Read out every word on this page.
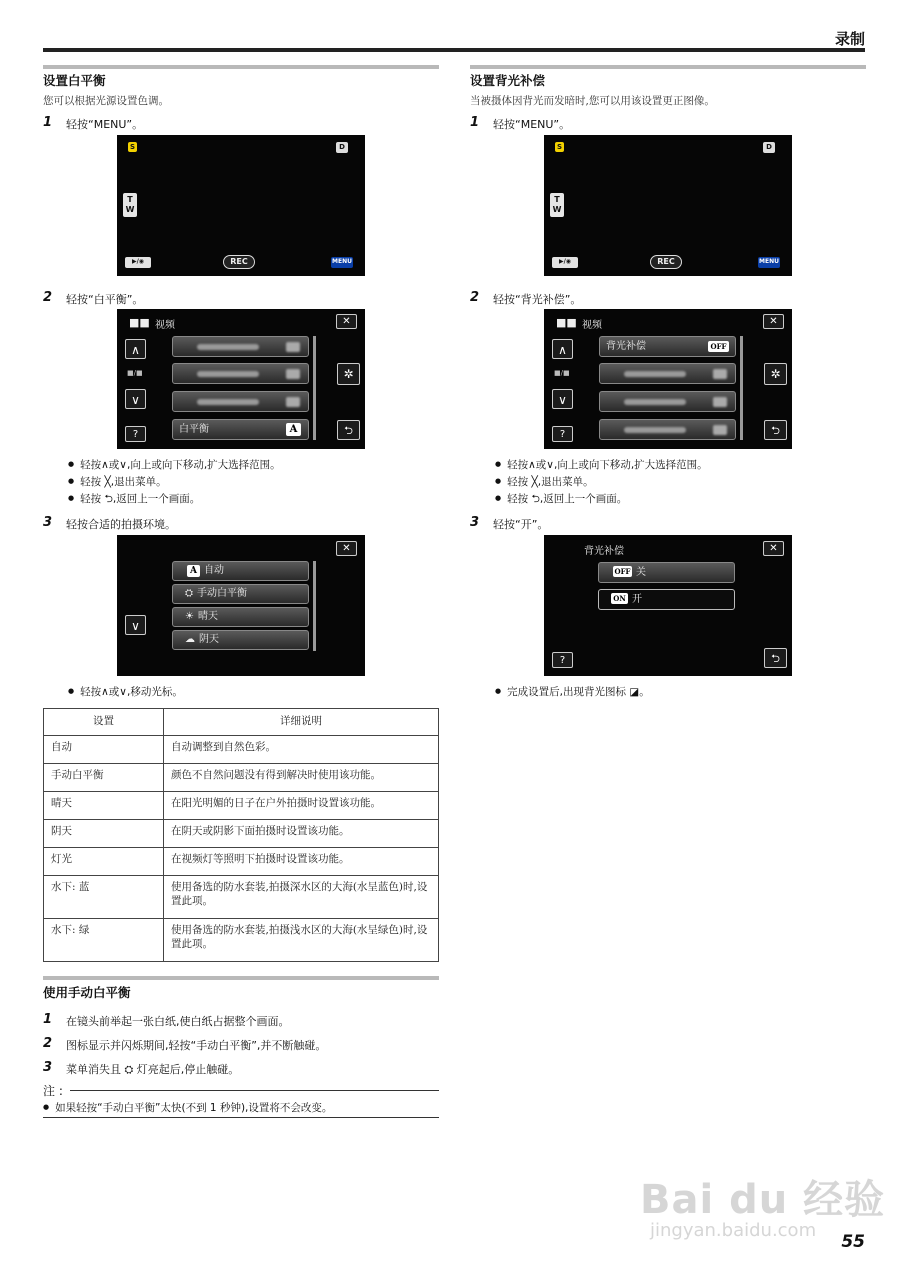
录制
设置白平衡
您可以根据光源设置色调。
1 轻按“MENU”。
S	D
T
W
▶/◉	REC	MENU
2 轻按“白平衡”。
■■ 视频	✕
∧
■/■
∨
?	白平衡	A
✲
⮌
● 轻按∧或∨,向上或向下移动,扩大选择范围。
● 轻按 ╳,退出菜单。
● 轻按 ⮌,返回上一个画面。
3 轻按合适的拍摄环境。
✕
∨
A 自动
⛭ 手动白平衡
☀ 晴天
☁ 阴天
● 轻按∧或∨,移动光标。
设置	详细说明
自动	自动调整到自然色彩。
手动白平衡	颜色不自然问题没有得到解决时使用该功能。
晴天	在阳光明媚的日子在户外拍摄时设置该功能。
阴天	在阴天或阴影下面拍摄时设置该功能。
灯光	在视频灯等照明下拍摄时设置该功能。
水下: 蓝	使用备选的防水套装,拍摄深水区的大海(水呈蓝色)时,设置此项。
水下: 绿	使用备选的防水套装,拍摄浅水区的大海(水呈绿色)时,设置此项。
使用手动白平衡
1 在镜头前举起一张白纸,使白纸占据整个画面。
2 图标显示并闪烁期间,轻按“手动白平衡”,并不断触碰。
3 菜单消失且 ⛭ 灯亮起后,停止触碰。
注 :
● 如果轻按“手动白平衡”太快(不到 1 秒钟),设置将不会改变。
设置背光补偿
当被摄体因背光而发暗时,您可以用该设置更正图像。
1 轻按“MENU”。
S	D
T
W
▶/◉	REC	MENU
2 轻按“背光补偿”。
■■ 视频	✕
∧
■/■
∨
?
背光补偿	OFF
✲
⮌
● 轻按∧或∨,向上或向下移动,扩大选择范围。
● 轻按 ╳,退出菜单。
● 轻按 ⮌,返回上一个画面。
3 轻按“开”。
背光补偿	✕
OFF 关
ON 开
?	⮌
● 完成设置后,出现背光图标 ◪。
Bai du 经验
jingyan.baidu.com
55
